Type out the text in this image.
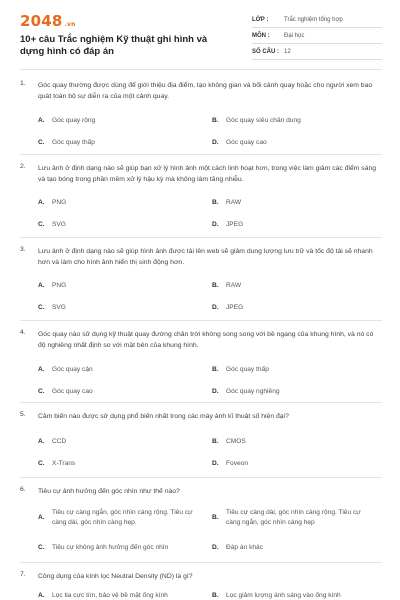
2048 .vn
10+ câu Trắc nghiệm Kỹ thuật ghi hình và dựng hình có đáp án
LỚP :	Trắc nghiệm tổng hợp
MÔN :	Đại học
SỐ CÂU : 12
1. Góc quay thường được dùng để giới thiệu địa điểm, tạo không gian và bối cảnh quay hoặc cho người xem bao quát toàn bộ sự diễn ra của một cảnh quay.
A. Góc quay rộng	B. Góc quay siêu chân dung
C. Góc quay thấp	D. Góc quay cao
2. Lưu ảnh ở định dạng nào sẽ giúp bạn xử lý hình ảnh một cách linh hoạt hơn, trong việc làm giảm các điểm sáng và tạo bóng trong phần mềm xử lý hậu kỳ mà không làm tăng nhiễu.
A. PNG	B. RAW
C. SVG	D. JPEG
3. Lưu ảnh ở định dạng nào sẽ giúp hình ảnh được tải lên web sẽ giảm dung lượng lưu trữ và tốc độ tải sẽ nhanh hơn và làm cho hình ảnh hiển thị sinh động hơn.
A. PNG	B. RAW
C. SVG	D. JPEG
4. Góc quay nào sử dụng kỹ thuật quay đường chân trời không song song với bề ngang của khung hình, và nó có độ nghiêng nhất định so với mặt bên của khung hình.
A. Góc quay cận	B. Góc quay thấp
C. Góc quay cao	D. Góc quay nghiêng
5. Cảm biến nào được sử dụng phổ biến nhất trong các máy ảnh kĩ thuật số hiện đại?
A. CCD	B. CMOS
C. X-Trans	D. Foveon
6. Tiêu cự ảnh hưởng đến góc nhìn như thế nào?
A.
Tiêu cự càng ngắn, góc nhìn càng rộng. Tiêu cự càng dài, góc nhìn càng hẹp.
B.
Tiêu cự càng dài, góc nhìn càng rộng. Tiêu cự càng ngắn, góc nhìn càng hẹp
C. Tiêu cự không ảnh hưởng đến góc nhìn	D. Đáp án khác
7. Công dụng của kính lọc Neutral Density (ND) là gì?
A. Lọc tia cực tím, bảo vệ bề mặt ống kính	B. Lọc giảm lượng ánh sáng vào ống kính
